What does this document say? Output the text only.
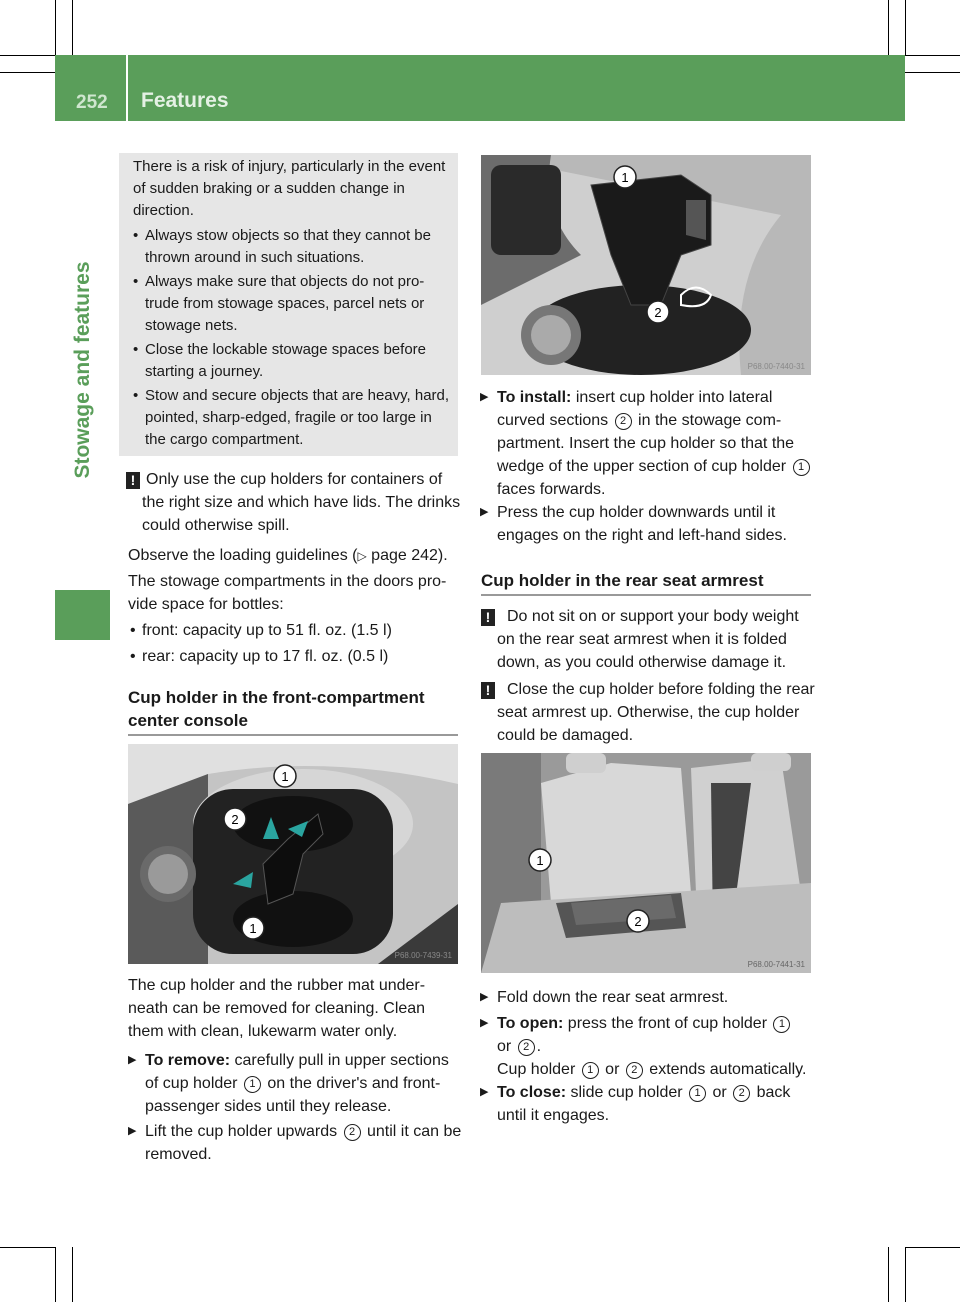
252 Features
Stowage and features
There is a risk of injury, particularly in the event of sudden braking or a sudden change in direction.
• Always stow objects so that they cannot be thrown around in such situations.
• Always make sure that objects do not pro- trude from stowage spaces, parcel nets or stowage nets.
• Close the lockable stowage spaces before starting a journey.
• Stow and secure objects that are heavy, hard, pointed, sharp-edged, fragile or too large in the cargo compartment.
! Only use the cup holders for containers of the right size and which have lids. The drinks could otherwise spill.
Observe the loading guidelines (▷ page 242).
The stowage compartments in the doors pro- vide space for bottles:
• front: capacity up to 51 fl. oz. (1.5 l)
• rear: capacity up to 17 fl. oz. (0.5 l)
Cup holder in the front-compartment center console
1
2
1
P68.00-7439-31
The cup holder and the rubber mat under- neath can be removed for cleaning. Clean them with clean, lukewarm water only.
▶ To remove: carefully pull in upper sections of cup holder 1 on the driver's and front- passenger sides until they release.
▶ Lift the cup holder upwards 2 until it can be removed.
1
2
P68.00-7440-31
▶ To install: insert cup holder into lateral curved sections 2 in the stowage com- partment. Insert the cup holder so that the wedge of the upper section of cup holder 1 faces forwards.
▶ Press the cup holder downwards until it engages on the right and left-hand sides.
Cup holder in the rear seat armrest
!	Do not sit on or support your body weight on the rear seat armrest when it is folded down, as you could otherwise damage it.
!	Close the cup holder before folding the rear seat armrest up. Otherwise, the cup holder could be damaged.
1
2
P68.00-7441-31
▶ Fold down the rear seat armrest.
▶ To open: press the front of cup holder 1
or 2 .
Cup holder 1 or 2 extends automatically.
▶ To close: slide cup holder 1 or 2 back until it engages.
